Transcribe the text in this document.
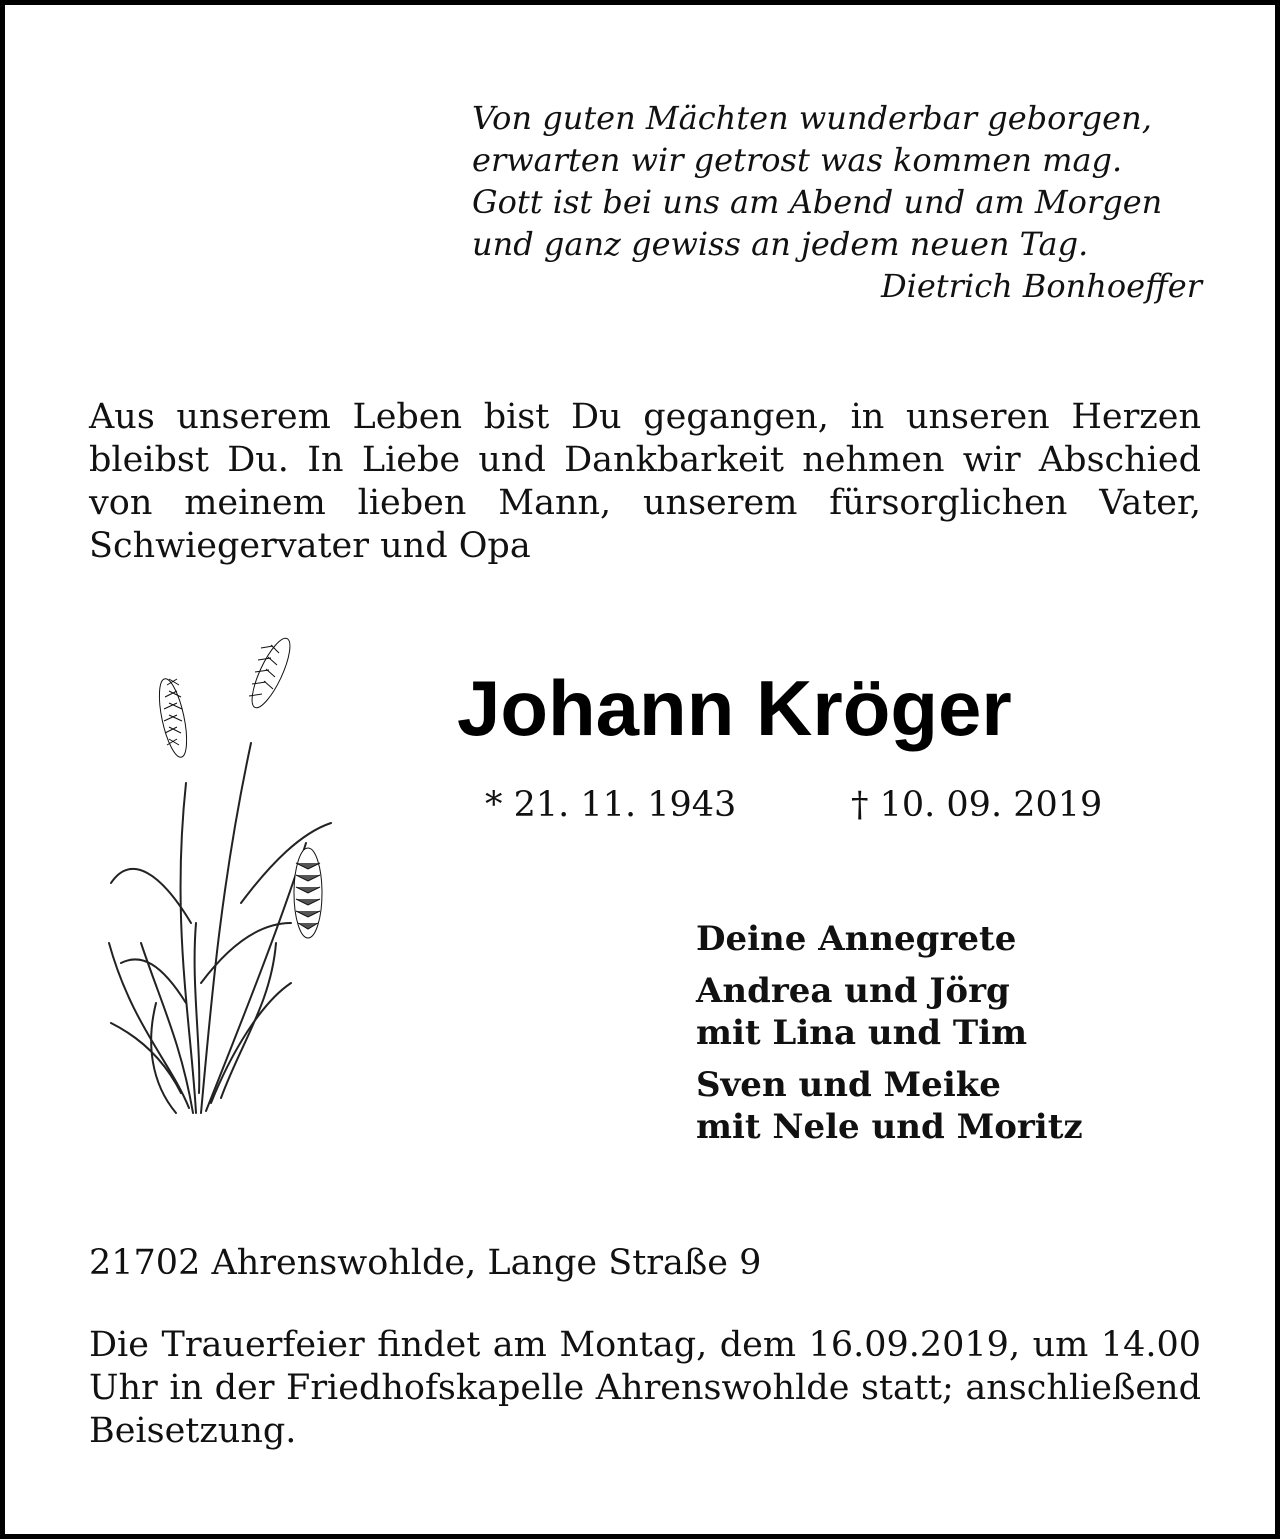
Von guten Mächten wunderbar geborgen,
erwarten wir getrost was kommen mag.
Gott ist bei uns am Abend und am Morgen
und ganz gewiss an jedem neuen Tag.
Dietrich Bonhoeffer
Aus unserem Leben bist Du gegangen, in unseren Herzen bleibst Du. In Liebe und Dankbarkeit nehmen wir Abschied von meinem lieben Mann, unserem fürsorglichen Vater, Schwiegervater und Opa
Johann Kröger
* 21. 11. 1943	† 10. 09. 2019
Deine Annegrete
Andrea und Jörg
mit Lina und Tim
Sven und Meike
mit Nele und Moritz
21702 Ahrenswohlde, Lange Straße 9
Die Trauerfeier findet am Montag, dem 16.09.2019, um 14.00 Uhr in der Friedhofskapelle Ahrenswohlde statt; anschließend Beisetzung.
